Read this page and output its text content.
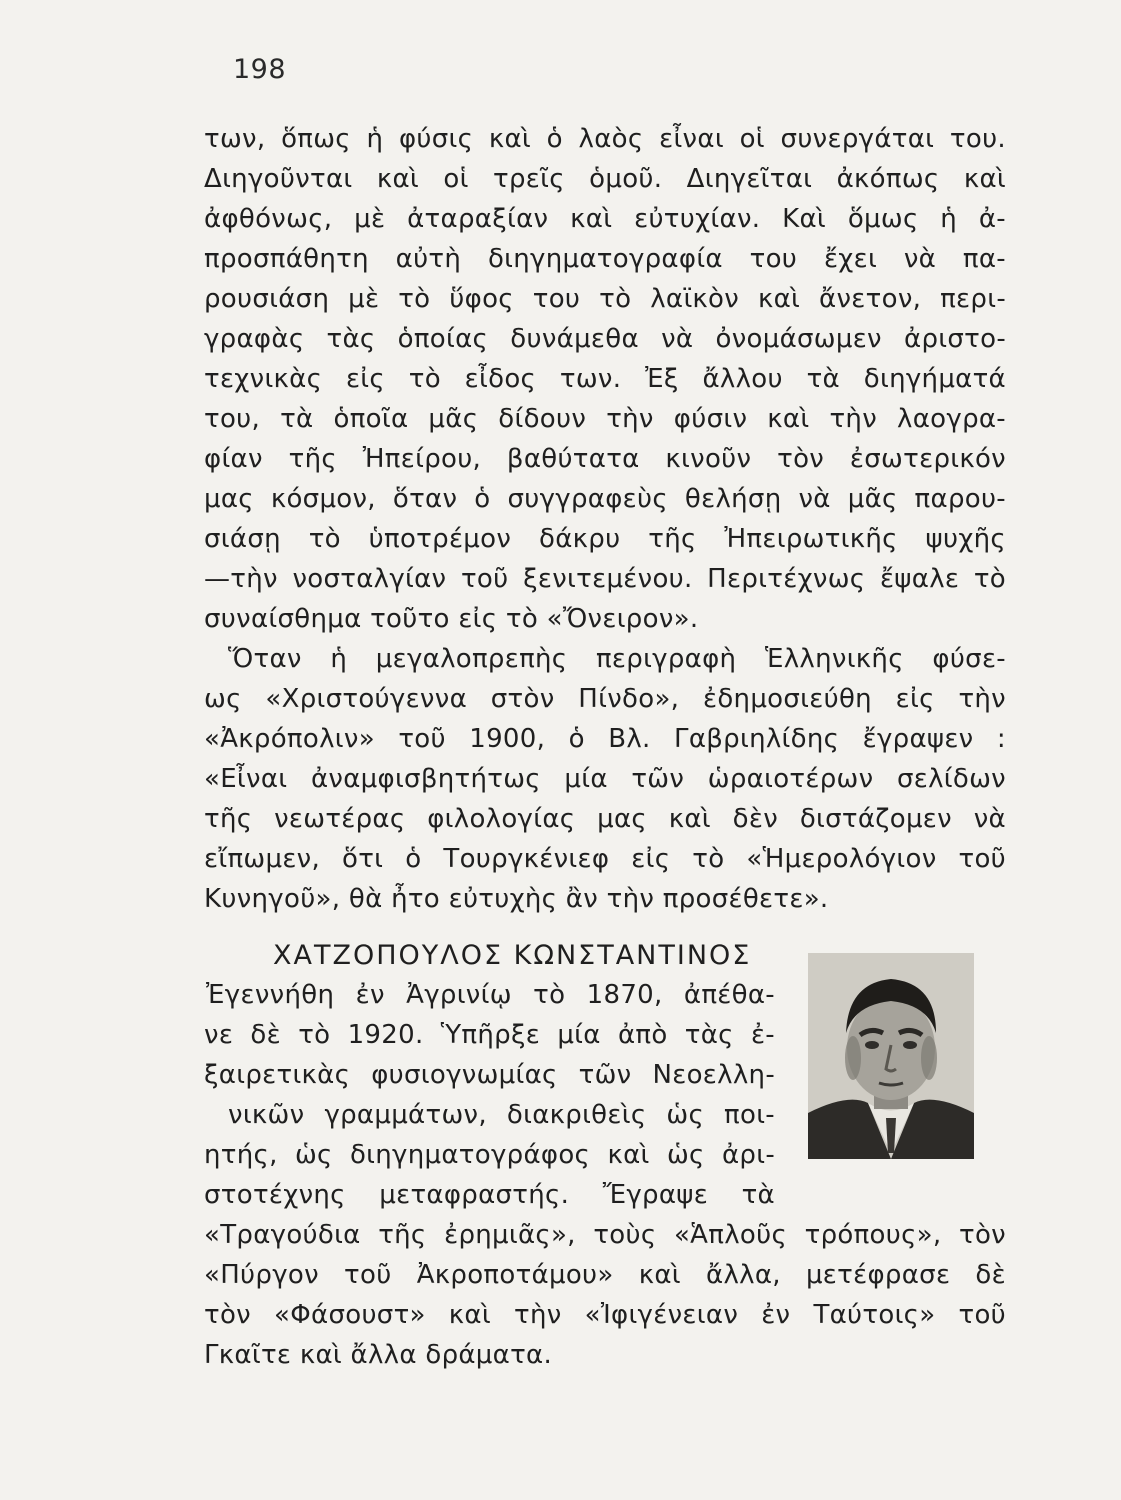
198
των, ὅπως ἡ φύσις καὶ ὁ λαὸς εἶναι οἱ συνεργάται του.
Διηγοῦνται καὶ οἱ τρεῖς ὁμοῦ. Διηγεῖται ἀκόπως καὶ
ἀφθόνως, μὲ ἀταραξίαν καὶ εὐτυχίαν. Καὶ ὅμως ἡ ἀ-
προσπάθητη αὐτὴ διηγηματογραφία του ἔχει νὰ πα-
ρουσιάση μὲ τὸ ὕφος του τὸ λαϊκὸν καὶ ἄνετον, περι-
γραφὰς τὰς ὁποίας δυνάμεθα νὰ ὀνομάσωμεν ἀριστο-
τεχνικὰς εἰς τὸ εἶδος των. Ἐξ ἄλλου τὰ διηγήματά
του, τὰ ὁποῖα μᾶς δίδουν τὴν φύσιν καὶ τὴν λαογρα-
φίαν τῆς Ἠπείρου, βαθύτατα κινοῦν τὸν ἐσωτερικόν
μας κόσμον, ὅταν ὁ συγγραφεὺς θελήσῃ νὰ μᾶς παρου-
σιάσῃ τὸ ὑποτρέμον δάκρυ τῆς Ἠπειρωτικῆς ψυχῆς
—τὴν νοσταλγίαν τοῦ ξενιτεμένου. Περιτέχνως ἔψαλε τὸ
συναίσθημα τοῦτο εἰς τὸ «Ὄνειρον».
Ὅταν ἡ μεγαλοπρεπὴς περιγραφὴ Ἑλληνικῆς φύσε-
ως «Χριστούγεννα στὸν Πίνδο», ἐδημοσιεύθη εἰς τὴν
«Ἀκρόπολιν» τοῦ 1900, ὁ Βλ. Γαβριηλίδης ἔγραψεν :
«Εἶναι ἀναμφισβητήτως μία τῶν ὡραιοτέρων σελίδων
τῆς νεωτέρας φιλολογίας μας καὶ δὲν διστάζομεν νὰ
εἴπωμεν, ὅτι ὁ Τουργκένιεφ εἰς τὸ «Ἡμερολόγιον τοῦ
Κυνηγοῦ», θὰ ἦτο εὐτυχὴς ἂν τὴν προσέθετε».
ΧΑΤΖΟΠΟΥΛΟΣ ΚΩΝΣΤΑΝΤΙΝΟΣ
Ἐγεννήθη ἐν Ἀγρινίῳ τὸ 1870, ἀπέθα-
νε δὲ τὸ 1920. Ὑπῆρξε μία ἀπὸ τὰς ἐ-
ξαιρετικὰς φυσιογνωμίας τῶν Νεοελλη-
νικῶν γραμμάτων, διακριθεὶς ὡς ποι-
ητής, ὡς διηγηματογράφος καὶ ὡς ἀρι-
στοτέχνης μεταφραστής. Ἔγραψε τὰ
«Τραγούδια τῆς ἐρημιᾶς», τοὺς «Ἁπλοῦς τρόπους», τὸν
«Πύργον τοῦ Ἀκροποτάμου» καὶ ἄλλα, μετέφρασε δὲ
τὸν «Φάσουστ» καὶ τὴν «Ἰφιγένειαν ἐν Ταύτοις» τοῦ
Γκαῖτε καὶ ἄλλα δράματα.
